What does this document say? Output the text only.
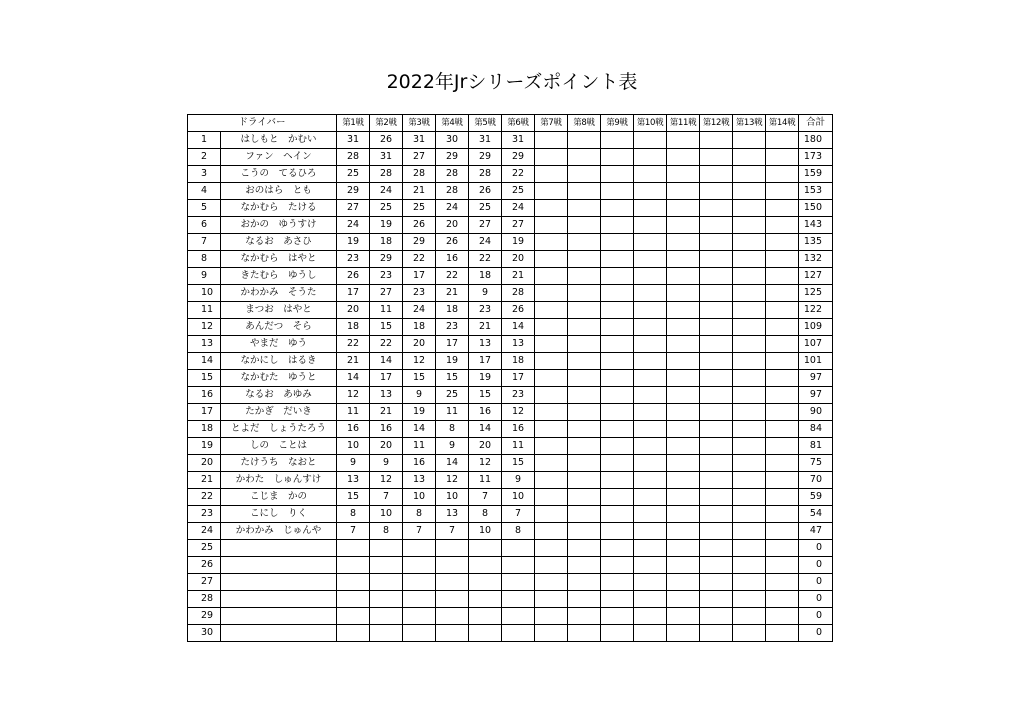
2022年Jrシリーズポイント表
ドライバー		第1戦	第2戦	第3戦	第4戦	第5戦	第6戦	第7戦	第8戦	第9戦	第10戦	第11戦	第12戦	第13戦	第14戦	合計
1	はしもと　かむい	31	26	31	30	31	31									180
2	ファン　ヘイン	28	31	27	29	29	29									173
3	こうの　てるひろ	25	28	28	28	28	22									159
4	おのはら　とも	29	24	21	28	26	25									153
5	なかむら　たける	27	25	25	24	25	24									150
6	おかの　ゆうすけ	24	19	26	20	27	27									143
7	なるお　あさひ	19	18	29	26	24	19									135
8	なかむら　はやと	23	29	22	16	22	20									132
9	きたむら　ゆうし	26	23	17	22	18	21									127
10	かわかみ　そうた	17	27	23	21	9	28									125
11	まつお　はやと	20	11	24	18	23	26									122
12	あんだつ　そら	18	15	18	23	21	14									109
13	やまだ　ゆう	22	22	20	17	13	13									107
14	なかにし　はるき	21	14	12	19	17	18									101
15	なかむた　ゆうと	14	17	15	15	19	17									97
16	なるお　あゆみ	12	13	9	25	15	23									97
17	たかぎ　だいき	11	21	19	11	16	12									90
18	とよだ　しょうたろう	16	16	14	8	14	16									84
19	しの　ことは	10	20	11	9	20	11									81
20	たけうち　なおと	9	9	16	14	12	15									75
21	かわた　しゅんすけ	13	12	13	12	11	9									70
22	こじま　かの	15	7	10	10	7	10									59
23	こにし　りく	8	10	8	13	8	7									54
24	かわかみ　じゅんや	7	8	7	7	10	8									47
25																0
26																0
27																0
28																0
29																0
30																0
